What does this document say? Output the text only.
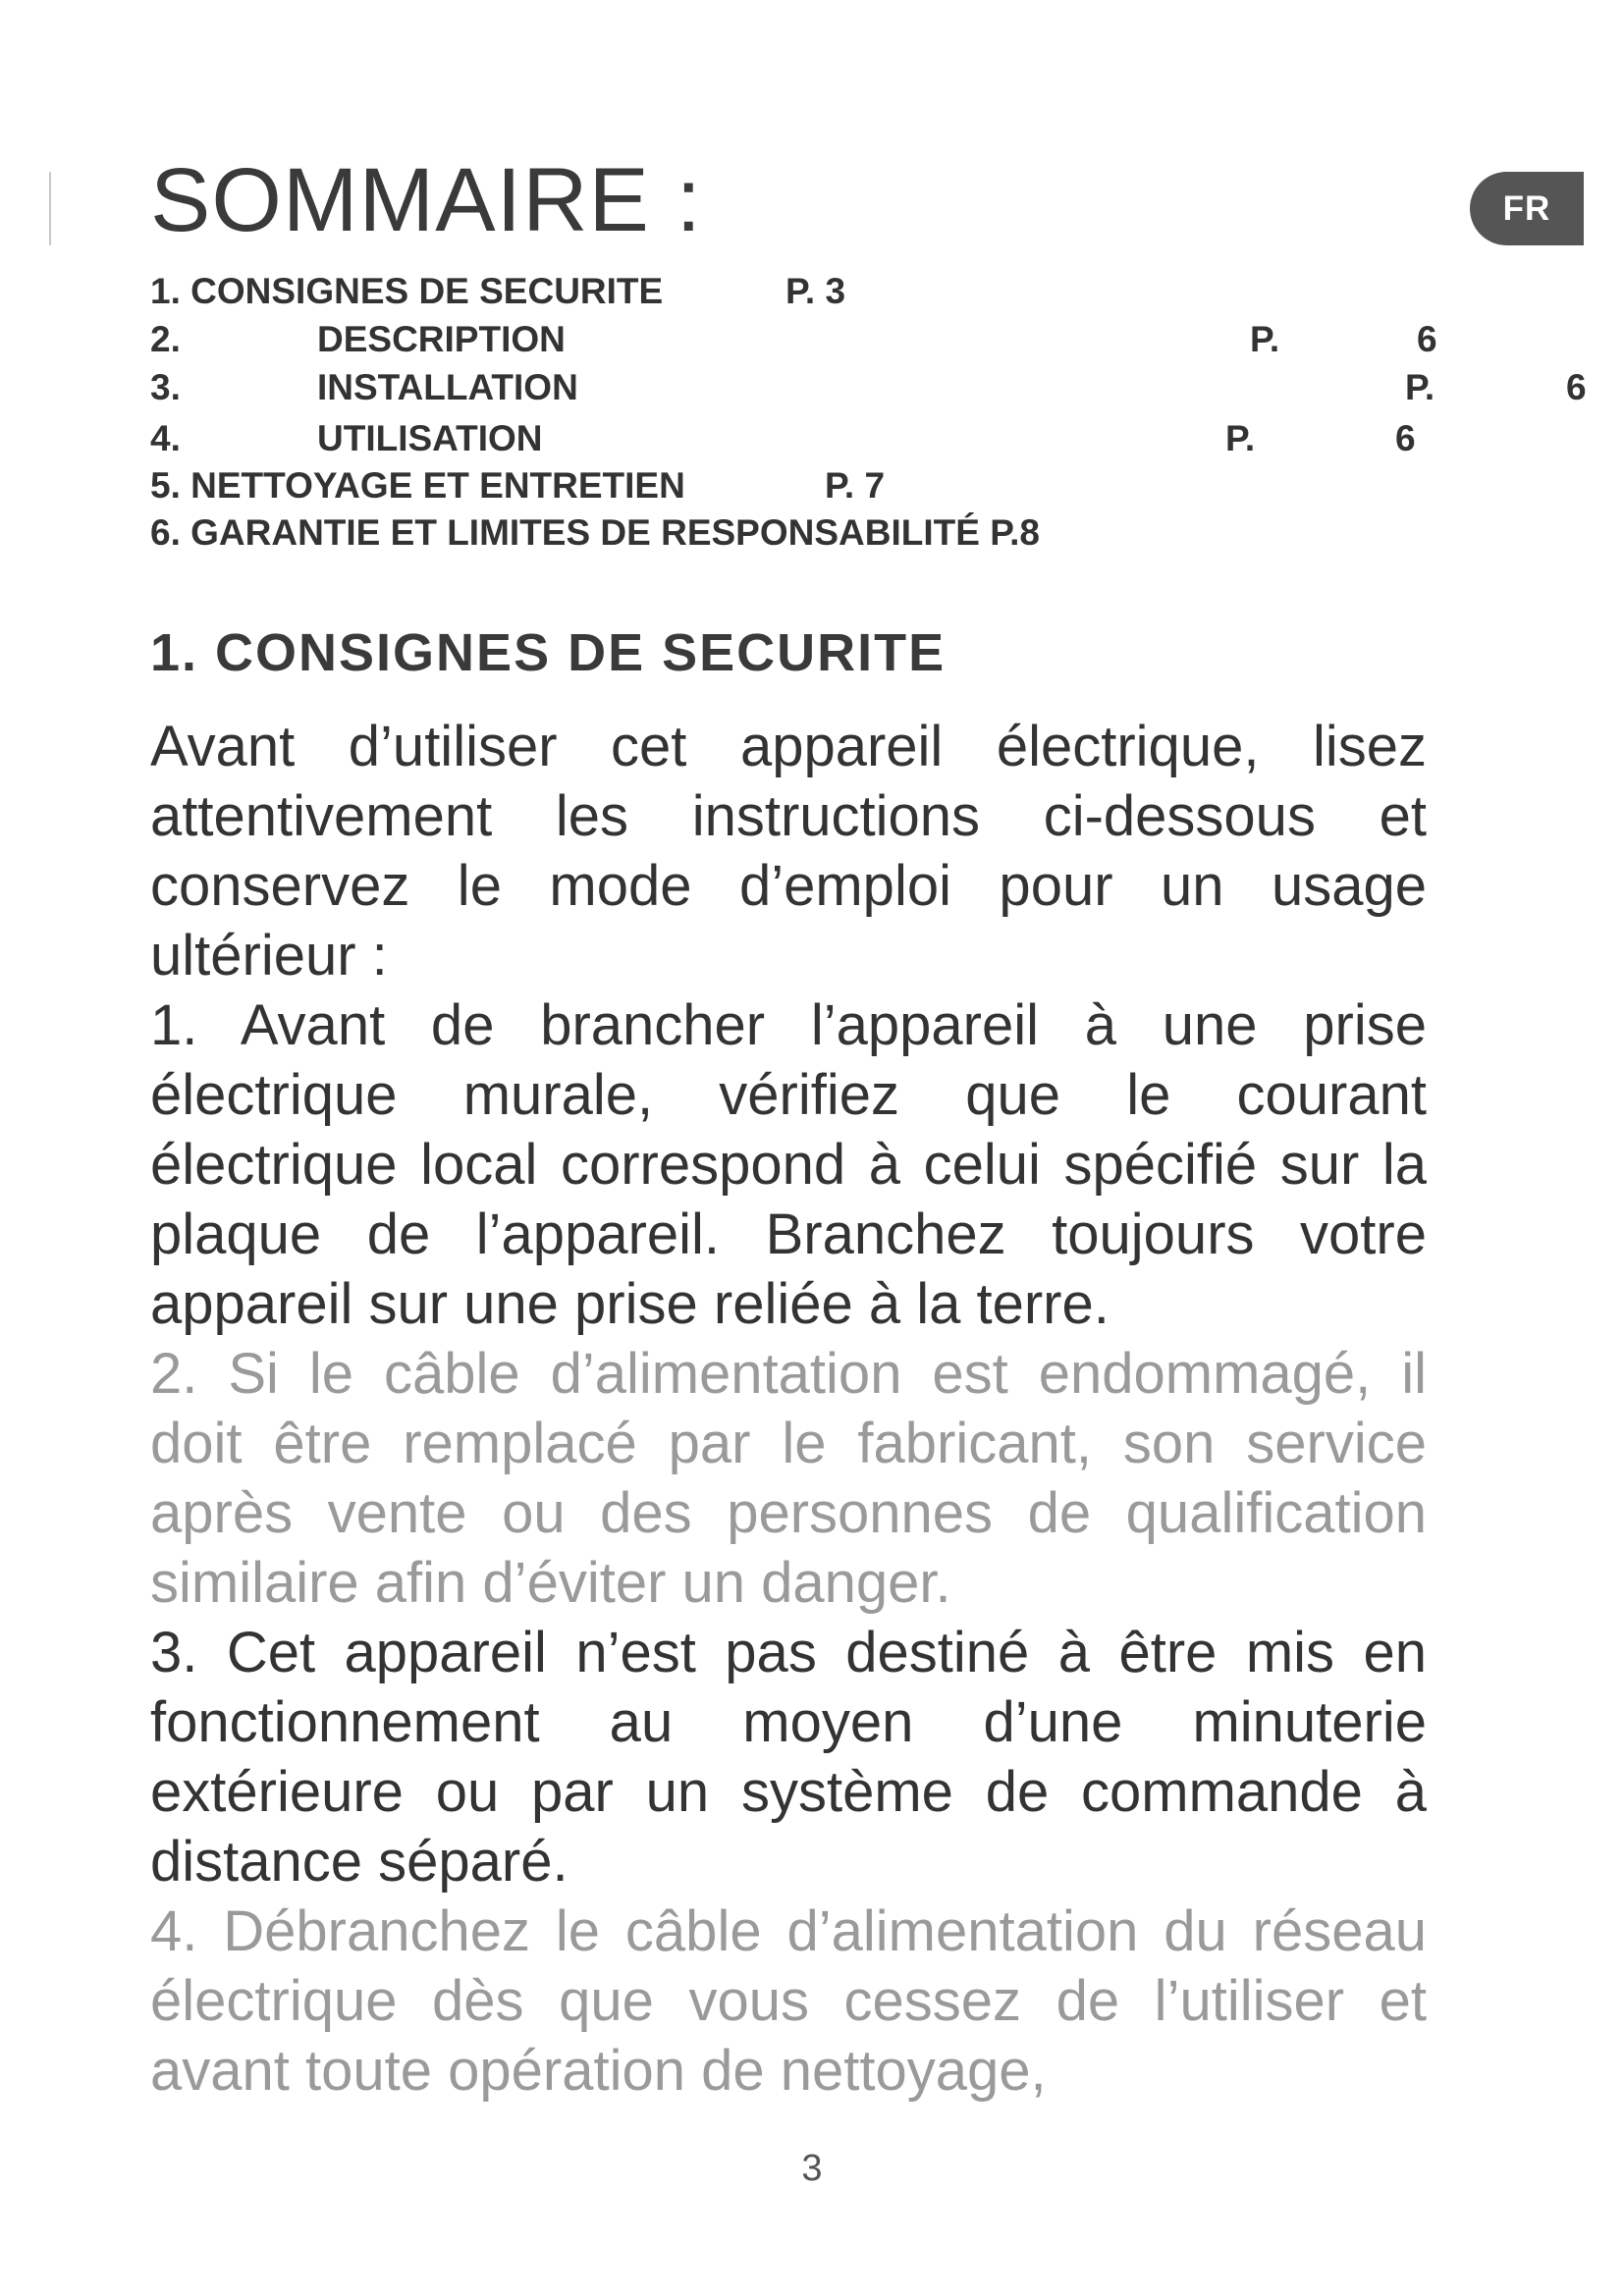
SOMMAIRE :	FR
1. CONSIGNES DE SECURITE	P. 3
2.	DESCRIPTION	P.	6
3.	INSTALLATION	P.	6
4.	UTILISATION	P.	6
5. NETTOYAGE ET ENTRETIEN	P. 7
6. GARANTIE ET LIMITES DE RESPONSABILITÉ P.8
1. CONSIGNES DE SECURITE

Avant d’utiliser cet appareil électrique, lisez attentivement les instructions ci-dessous et conservez le mode d’emploi pour un usage ultérieur :

1. Avant de brancher l’appareil à une prise électrique murale, vérifiez que le courant électrique local correspond à celui spécifié sur la plaque de l’appareil. Branchez toujours votre appareil sur une prise reliée à la terre.

2. Si le câble d’alimentation est endommagé, il doit être remplacé par le fabricant, son service après vente ou des personnes de qualification similaire afin d’éviter un danger.

3. Cet appareil n’est pas destiné à être mis en fonctionnement au moyen d’une minuterie extérieure ou par un système de commande à distance séparé.

4. Débranchez le câble d’alimentation du réseau électrique dès que vous cessez de l’utiliser et avant toute opération de nettoyage,

3
